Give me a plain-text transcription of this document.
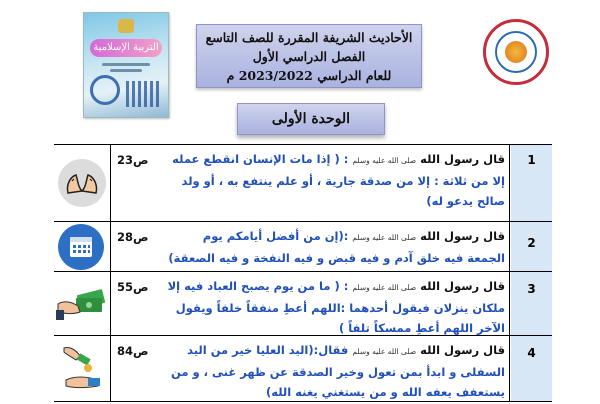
التربية الإسلامية
الأحاديث الشريفة المقررة للصف التاسع
الفصل الدراسي الأول
للعام الدراسي 2023/2022 م
الوحدة الأولى
ص23	قال رسول الله صلى الله عليه وسلم : ( إذا مات الإنسان انقطع عمله إلا من ثلاثة : إلا من صدقة جارية ، أو علم ينتفع به ، أو ولد صالح يدعو له)
1
ص28	قال رسول الله صلى الله عليه وسلم :(إن من أفضل أيامكم يوم الجمعة فيه خلق آدم و فيه قبض و فيه النفخة و فيه الصعقة)
2
ص55	قال رسول الله صلى الله عليه وسلم : ( ما من يوم يصبح العباد فيه إلا ملكان ينزلان فيقول أحدهما :اللهم أعطِ منفقاً خلفاً ويقول الآخر اللهم أعطِ ممسكاً تلفاً )
3
ص84	قال رسول الله صلى الله عليه وسلم فقال:(اليد العليا خير من اليد السفلى و ابدأ بمن تعول وخير الصدقة عن ظهر غنى ، و من يستعفف يعفه الله و من يستغني يغنه الله)
4
